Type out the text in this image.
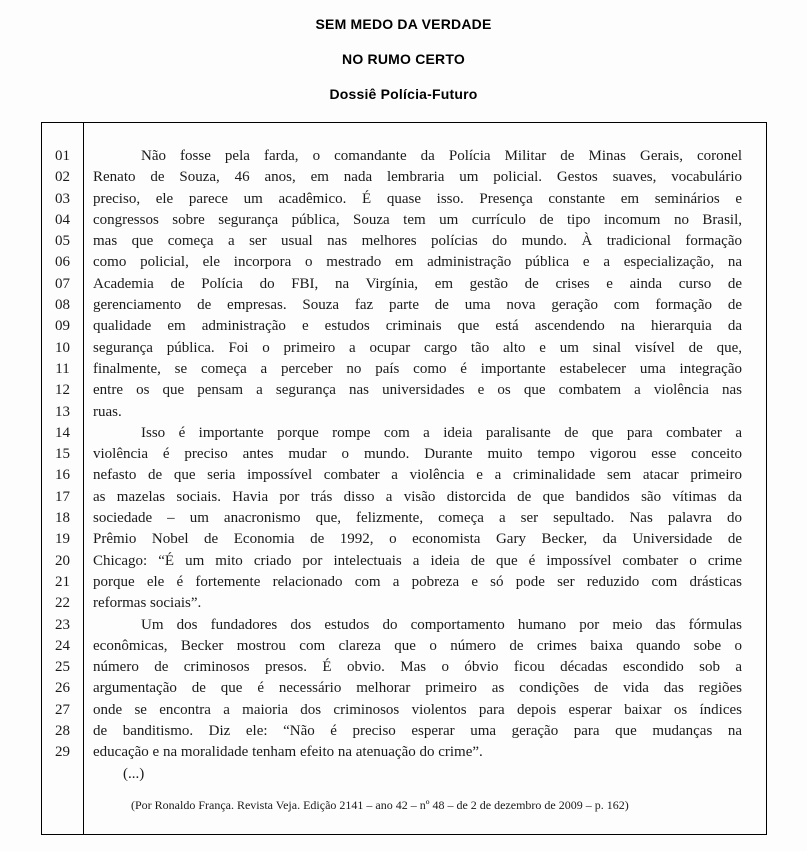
SEM MEDO DA VERDADE
NO RUMO CERTO
Dossiê Polícia-Futuro
01
02
03
04
05
06
07
08
09
10
11
12
13
14
15
16
17
18
19
20
21
22
23
24
25
26
27
28
29
Não fosse pela farda, o comandante da Polícia Militar de Minas Gerais, coronel
Renato de Souza, 46 anos, em nada lembraria um policial. Gestos suaves, vocabulário
preciso, ele parece um acadêmico. É quase isso. Presença constante em seminários e
congressos sobre segurança pública, Souza tem um currículo de tipo incomum no Brasil,
mas que começa a ser usual nas melhores polícias do mundo. À tradicional formação
como policial, ele incorpora o mestrado em administração pública e a especialização, na
Academia de Polícia do FBI, na Virgínia, em gestão de crises e ainda curso de
gerenciamento de empresas. Souza faz parte de uma nova geração com formação de
qualidade em administração e estudos criminais que está ascendendo na hierarquia da
segurança pública. Foi o primeiro a ocupar cargo tão alto e um sinal visível de que,
finalmente, se começa a perceber no país como é importante estabelecer uma integração
entre os que pensam a segurança nas universidades e os que combatem a violência nas
ruas.
Isso é importante porque rompe com a ideia paralisante de que para combater a
violência é preciso antes mudar o mundo. Durante muito tempo vigorou esse conceito
nefasto de que seria impossível combater a violência e a criminalidade sem atacar primeiro
as mazelas sociais. Havia por trás disso a visão distorcida de que bandidos são vítimas da
sociedade – um anacronismo que, felizmente, começa a ser sepultado. Nas palavra do
Prêmio Nobel de Economia de 1992, o economista Gary Becker, da Universidade de
Chicago: “É um mito criado por intelectuais a ideia de que é impossível combater o crime
porque ele é fortemente relacionado com a pobreza e só pode ser reduzido com drásticas
reformas sociais”.
Um dos fundadores dos estudos do comportamento humano por meio das fórmulas
econômicas, Becker mostrou com clareza que o número de crimes baixa quando sobe o
número de criminosos presos. É obvio. Mas o óbvio ficou décadas escondido sob a
argumentação de que é necessário melhorar primeiro as condições de vida das regiões
onde se encontra a maioria dos criminosos violentos para depois esperar baixar os índices
de banditismo. Diz ele: “Não é preciso esperar uma geração para que mudanças na
educação e na moralidade tenham efeito na atenuação do crime”.
(...)
(Por Ronaldo França. Revista Veja. Edição 2141 – ano 42 – nº 48 – de 2 de dezembro de 2009 – p. 162)
